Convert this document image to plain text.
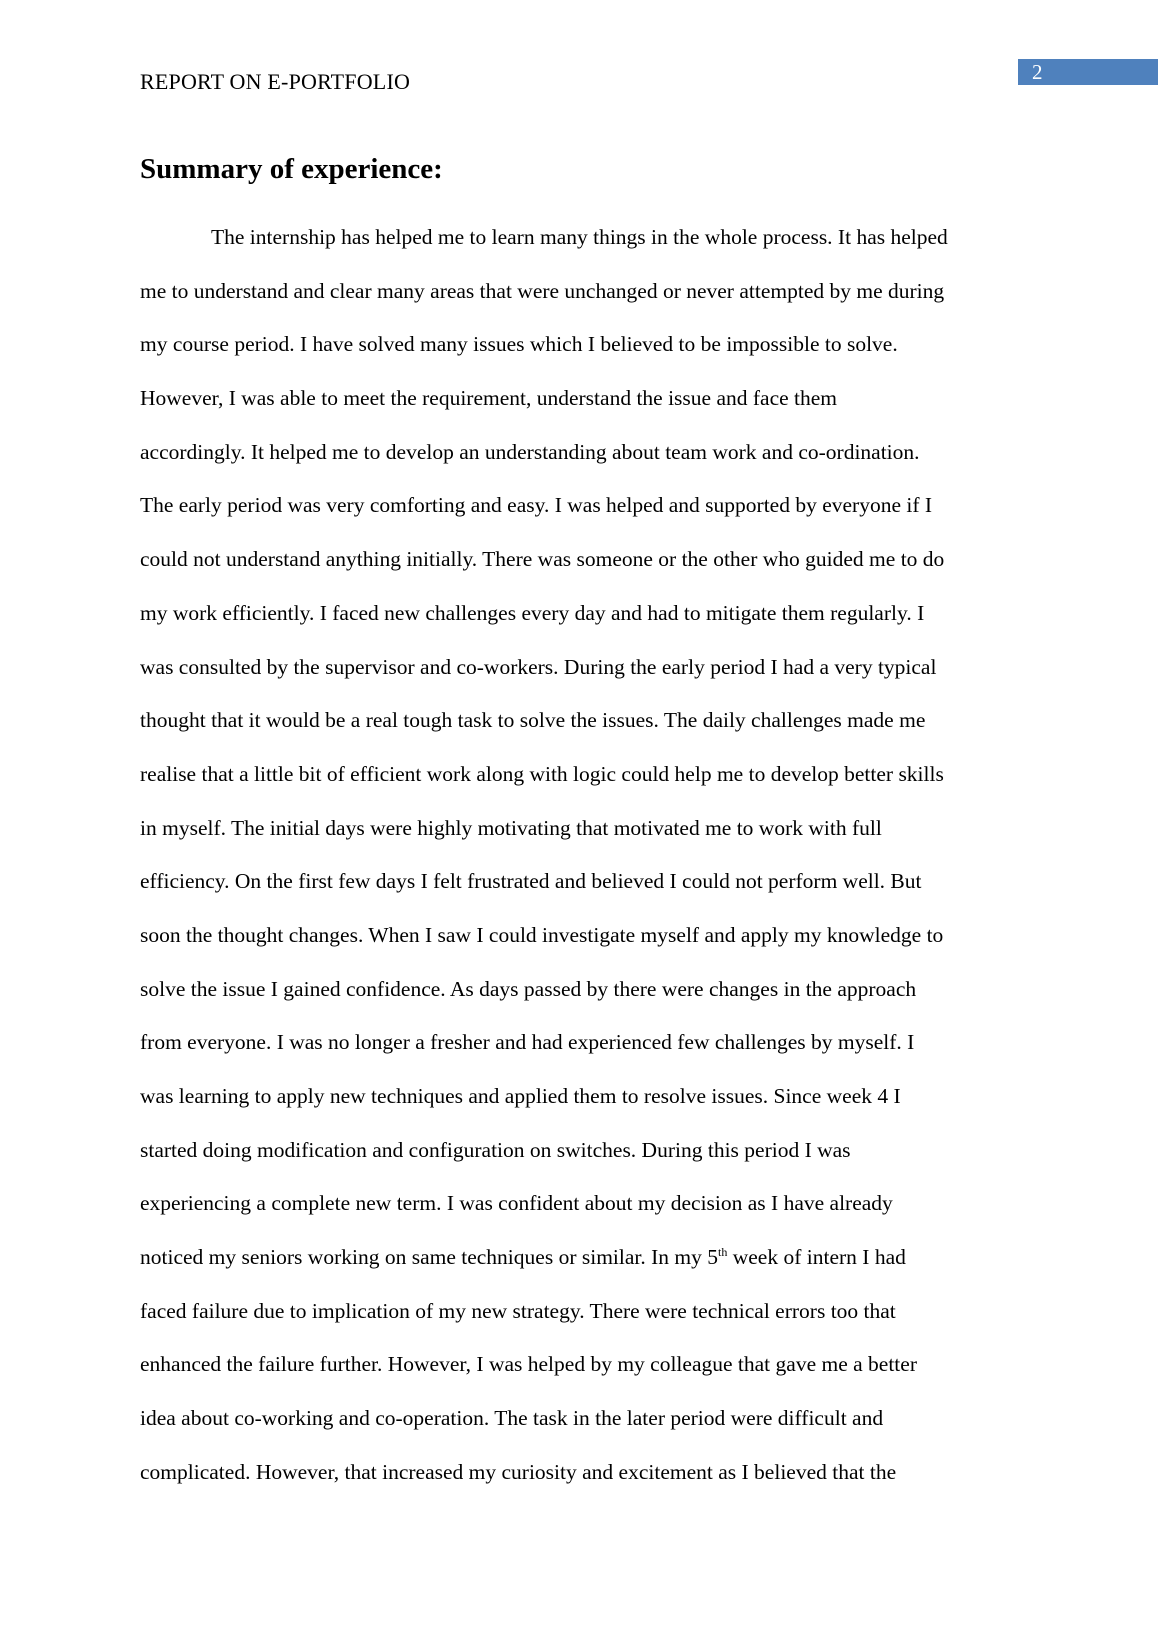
2
REPORT ON E-PORTFOLIO
Summary of experience:
The internship has helped me to learn many things in the whole process. It has helped
me to understand and clear many areas that were unchanged or never attempted by me during
my course period. I have solved many issues which I believed to be impossible to solve.
However, I was able to meet the requirement, understand the issue and face them
accordingly. It helped me to develop an understanding about team work and co-ordination.
The early period was very comforting and easy. I was helped and supported by everyone if I
could not understand anything initially. There was someone or the other who guided me to do
my work efficiently. I faced new challenges every day and had to mitigate them regularly. I
was consulted by the supervisor and co-workers. During the early period I had a very typical
thought that it would be a real tough task to solve the issues. The daily challenges made me
realise that a little bit of efficient work along with logic could help me to develop better skills
in myself. The initial days were highly motivating that motivated me to work with full
efficiency. On the first few days I felt frustrated and believed I could not perform well. But
soon the thought changes. When I saw I could investigate myself and apply my knowledge to
solve the issue I gained confidence. As days passed by there were changes in the approach
from everyone. I was no longer a fresher and had experienced few challenges by myself. I
was learning to apply new techniques and applied them to resolve issues. Since week 4 I
started doing modification and configuration on switches. During this period I was
experiencing a complete new term. I was confident about my decision as I have already
noticed my seniors working on same techniques or similar. In my 5th week of intern I had
faced failure due to implication of my new strategy. There were technical errors too that
enhanced the failure further. However, I was helped by my colleague that gave me a better
idea about co-working and co-operation. The task in the later period were difficult and
complicated. However, that increased my curiosity and excitement as I believed that the
